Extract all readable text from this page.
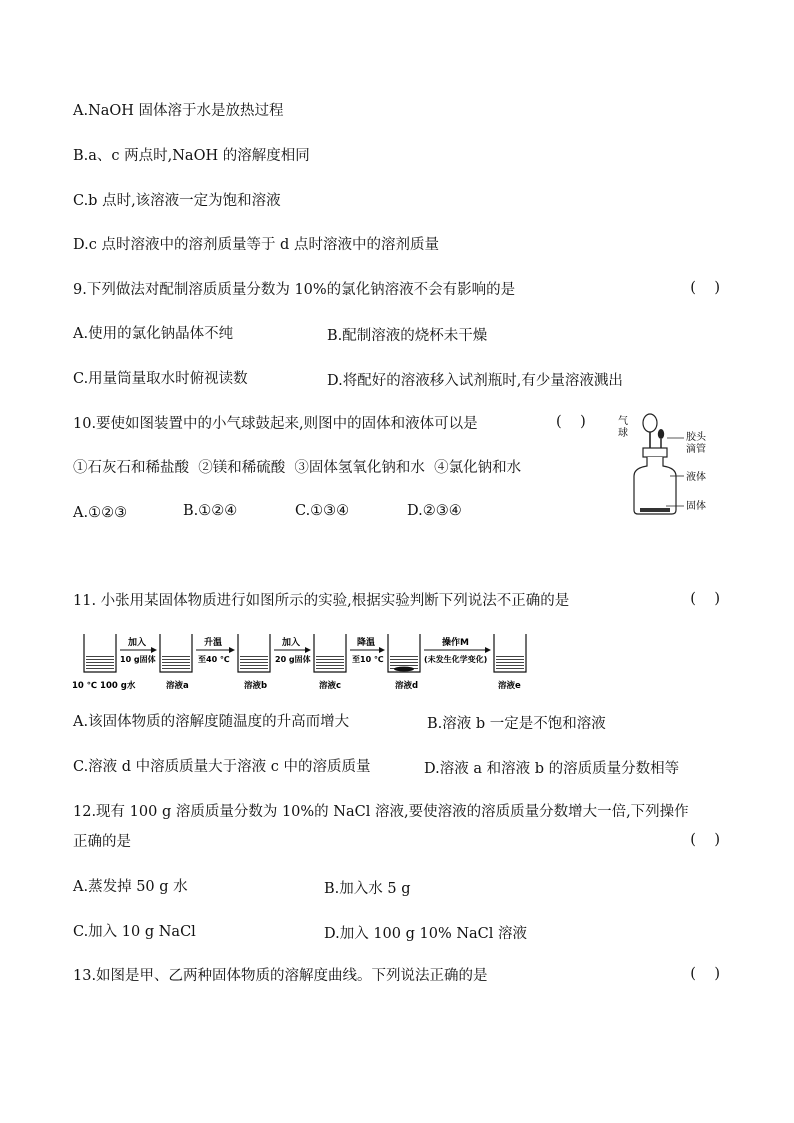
A.NaOH 固体溶于水是放热过程
B.a、c 两点时,NaOH 的溶解度相同
C.b 点时,该溶液一定为饱和溶液
D.c 点时溶液中的溶剂质量等于 d 点时溶液中的溶剂质量
9.下列做法对配制溶质质量分数为 10%的氯化钠溶液不会有影响的是	(    )
A.使用的氯化钠晶体不纯	B.配制溶液的烧杯未干燥
C.用量筒量取水时俯视读数	D.将配好的溶液移入试剂瓶时,有少量溶液溅出
10.要使如图装置中的小气球鼓起来,则图中的固体和液体可以是	(    )
①石灰石和稀盐酸  ②镁和稀硫酸  ③固体氢氧化钠和水  ④氯化钠和水
A.①②③	B.①②④	C.①③④	D.②③④
气
球	胶头
滴管
液体
固体
11. 小张用某固体物质进行如图所示的实验,根据实验判断下列说法不正确的是	(    )
加入
10 g固体
升温
至40 ℃
加入
20 g固体
降温
至10 ℃
操作M
(未发生化学变化)
10 ℃ 100 g水	溶液a	溶液b	溶液c	溶液d	溶液e
A.该固体物质的溶解度随温度的升高而增大	B.溶液 b 一定是不饱和溶液
C.溶液 d 中溶质质量大于溶液 c 中的溶质质量	D.溶液 a 和溶液 b 的溶质质量分数相等
12.现有 100 g 溶质质量分数为 10%的 NaCl 溶液,要使溶液的溶质质量分数增大一倍,下列操作
正确的是	(    )
A.蒸发掉 50 g 水	B.加入水 5 g
C.加入 10 g NaCl	D.加入 100 g 10% NaCl 溶液
13.如图是甲、乙两种固体物质的溶解度曲线。下列说法正确的是	(    )
